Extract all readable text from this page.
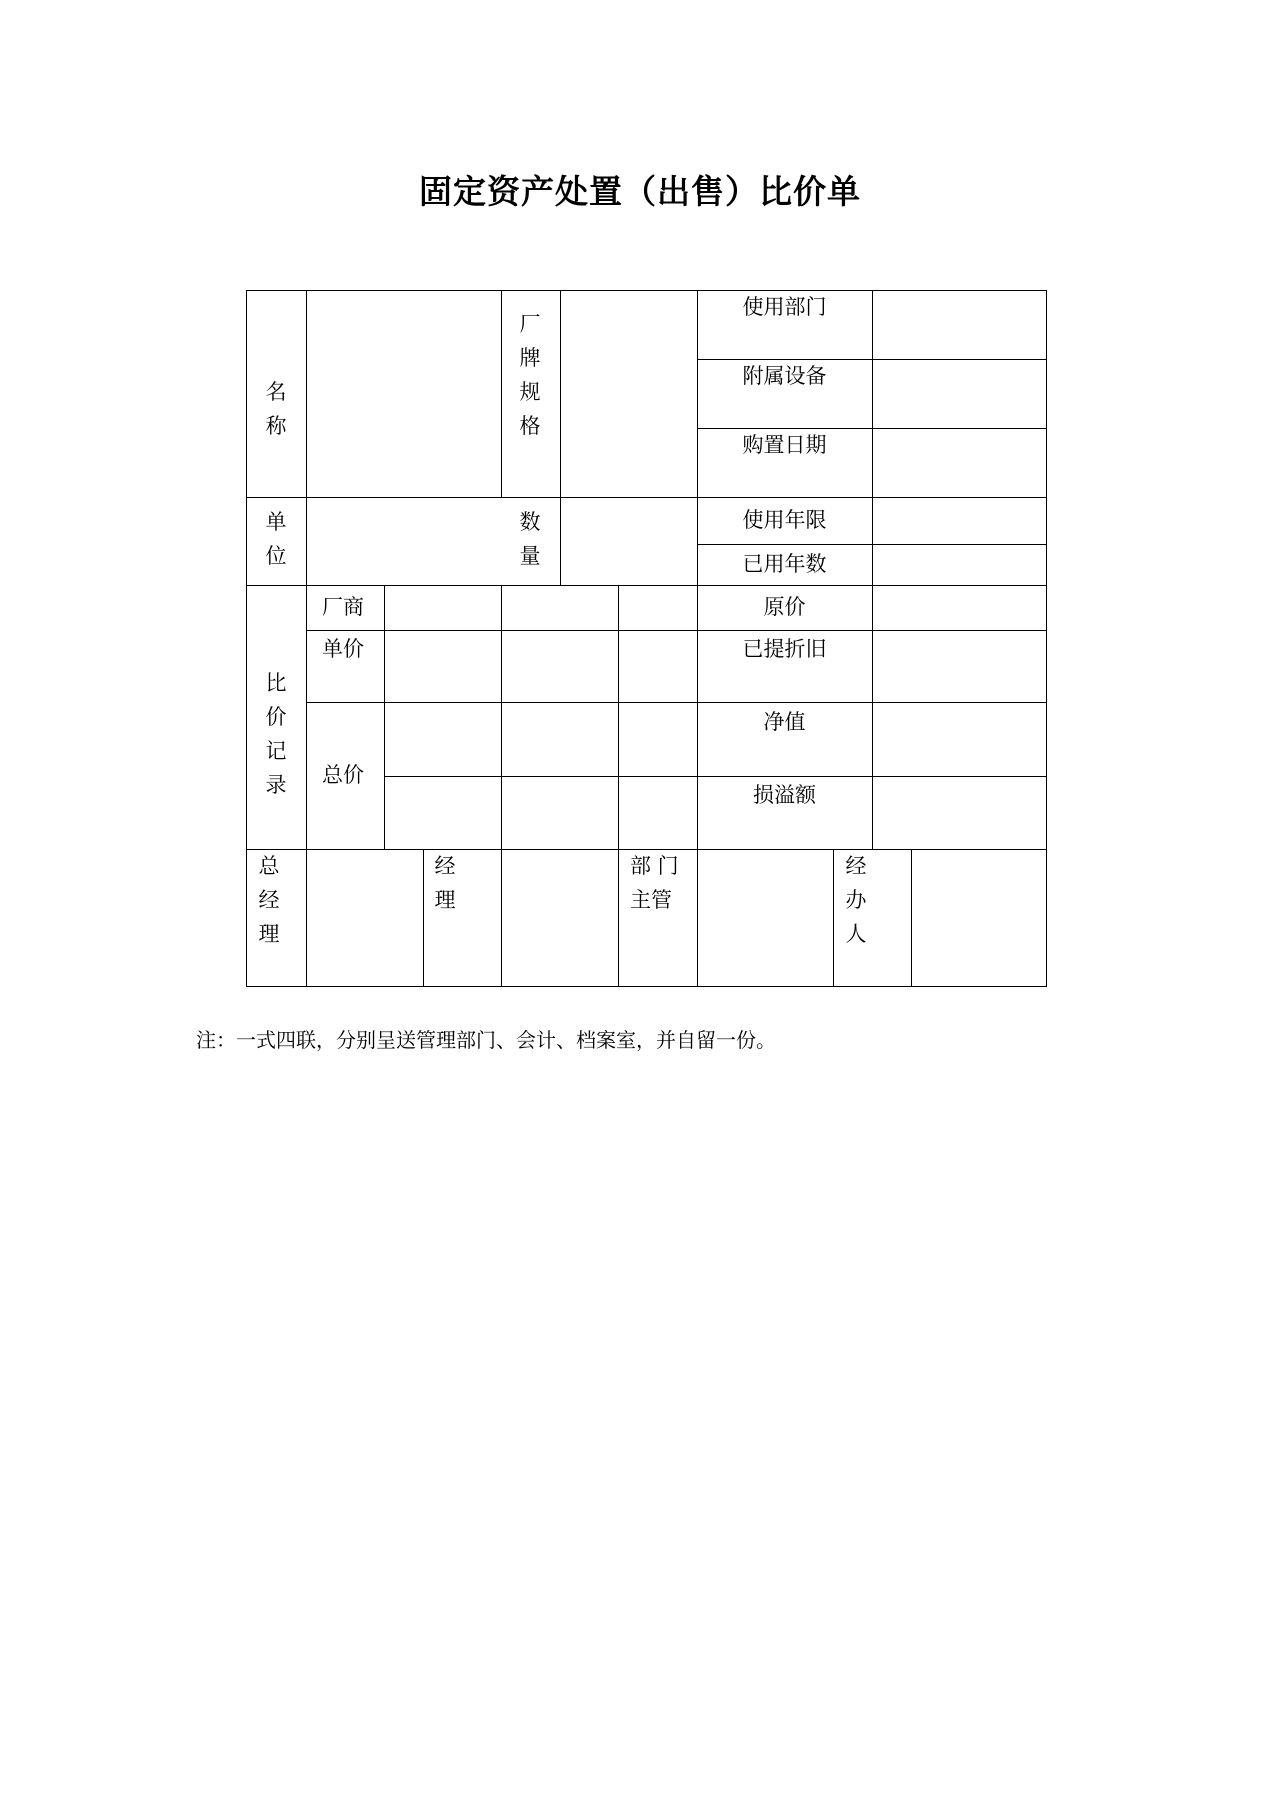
固定资产处置（出售）比价单
名称
厂牌规格
使用部门
附属设备
购置日期
单位
数量
使用年限
已用年数
比价记录
厂商
单价
总价
原价
已提折旧
净值
损溢额
总经理
经理
部 门
主管
经办人
注：一式四联，分别呈送管理部门、会计、档案室，并自留一份。
